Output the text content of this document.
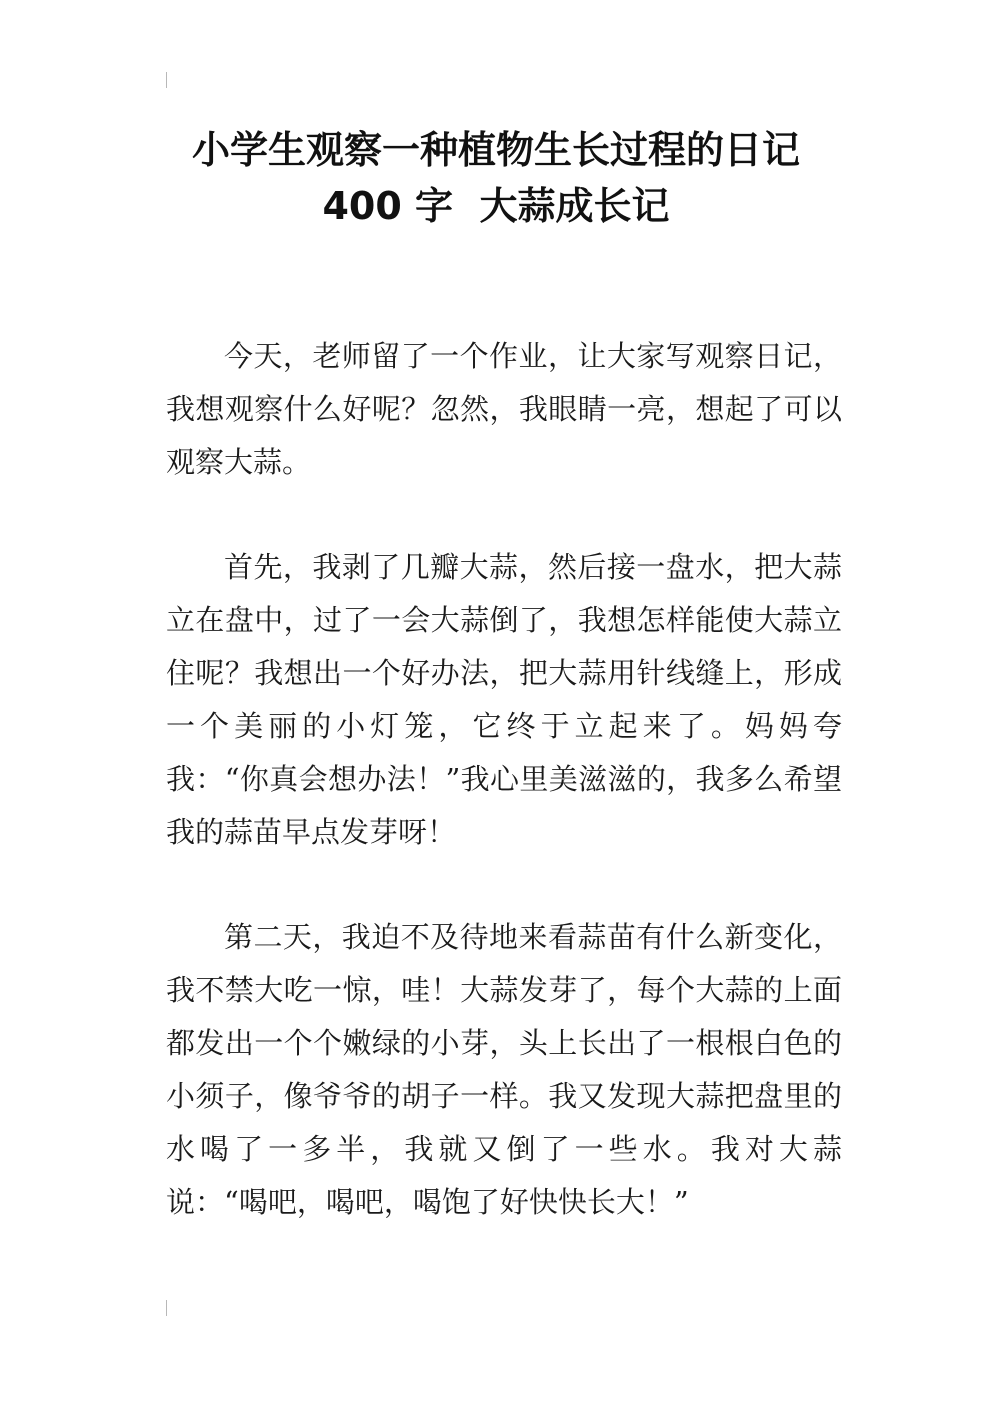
小学生观察一种植物生长过程的日记
400 字  大蒜成长记

今天，老师留了一个作业，让大家写观察日记，我想观察什么好呢？忽然，我眼睛一亮，想起了可以观察大蒜。

首先，我剥了几瓣大蒜，然后接一盘水，把大蒜立在盘中，过了一会大蒜倒了，我想怎样能使大蒜立住呢？我想出一个好办法，把大蒜用针线缝上，形成一个美丽的小灯笼，它终于立起来了。妈妈夸我：“你真会想办法！”我心里美滋滋的，我多么希望我的蒜苗早点发芽呀！

第二天，我迫不及待地来看蒜苗有什么新变化，我不禁大吃一惊，哇！大蒜发芽了，每个大蒜的上面都发出一个个嫩绿的小芽，头上长出了一根根白色的小须子，像爷爷的胡子一样。我又发现大蒜把盘里的水喝了一多半，我就又倒了一些水。我对大蒜说：“喝吧，喝吧，喝饱了好快快长大！”
